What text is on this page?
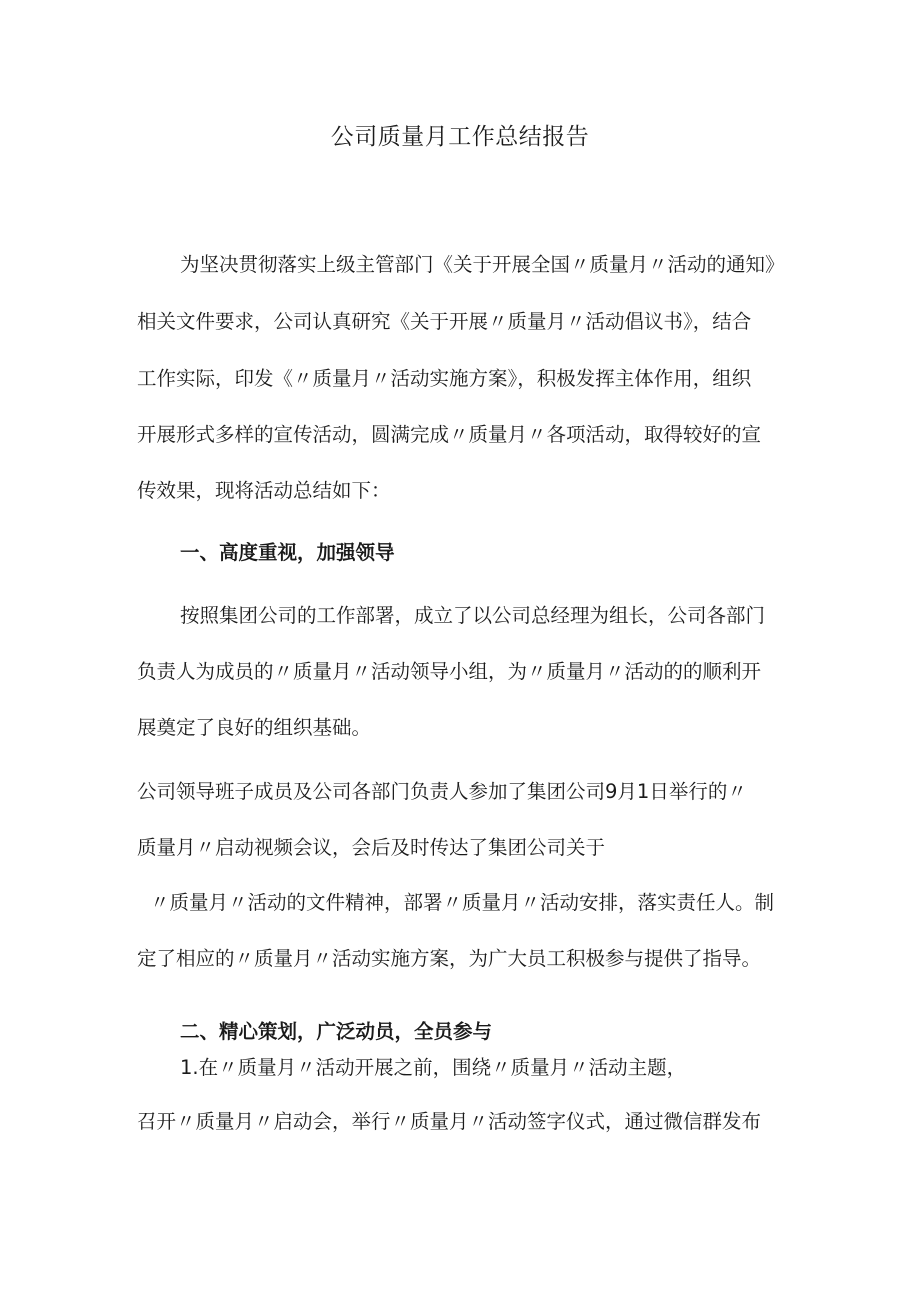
公司质量月工作总结报告
为坚决贯彻落实上级主管部门《关于开展全国〃质量月〃活动的通知》
相关文件要求，公司认真研究《关于开展〃质量月〃活动倡议书》，结合
工作实际，印发《〃质量月〃活动实施方案》，积极发挥主体作用，组织
开展形式多样的宣传活动，圆满完成〃质量月〃各项活动，取得较好的宣
传效果，现将活动总结如下：
一、高度重视，加强领导
按照集团公司的工作部署，成立了以公司总经理为组长，公司各部门
负责人为成员的〃质量月〃活动领导小组，为〃质量月〃活动的的顺利开
展奠定了良好的组织基础。
公司领导班子成员及公司各部门负责人参加了集团公司9月1日举行的〃
质量月〃启动视频会议，会后及时传达了集团公司关于
〃质量月〃活动的文件精神，部署〃质量月〃活动安排，落实责任人。制
定了相应的〃质量月〃活动实施方案，为广大员工积极参与提供了指导。
二、精心策划，广泛动员，全员参与
1.在〃质量月〃活动开展之前，围绕〃质量月〃活动主题，
召开〃质量月〃启动会，举行〃质量月〃活动签字仪式，通过微信群发布
